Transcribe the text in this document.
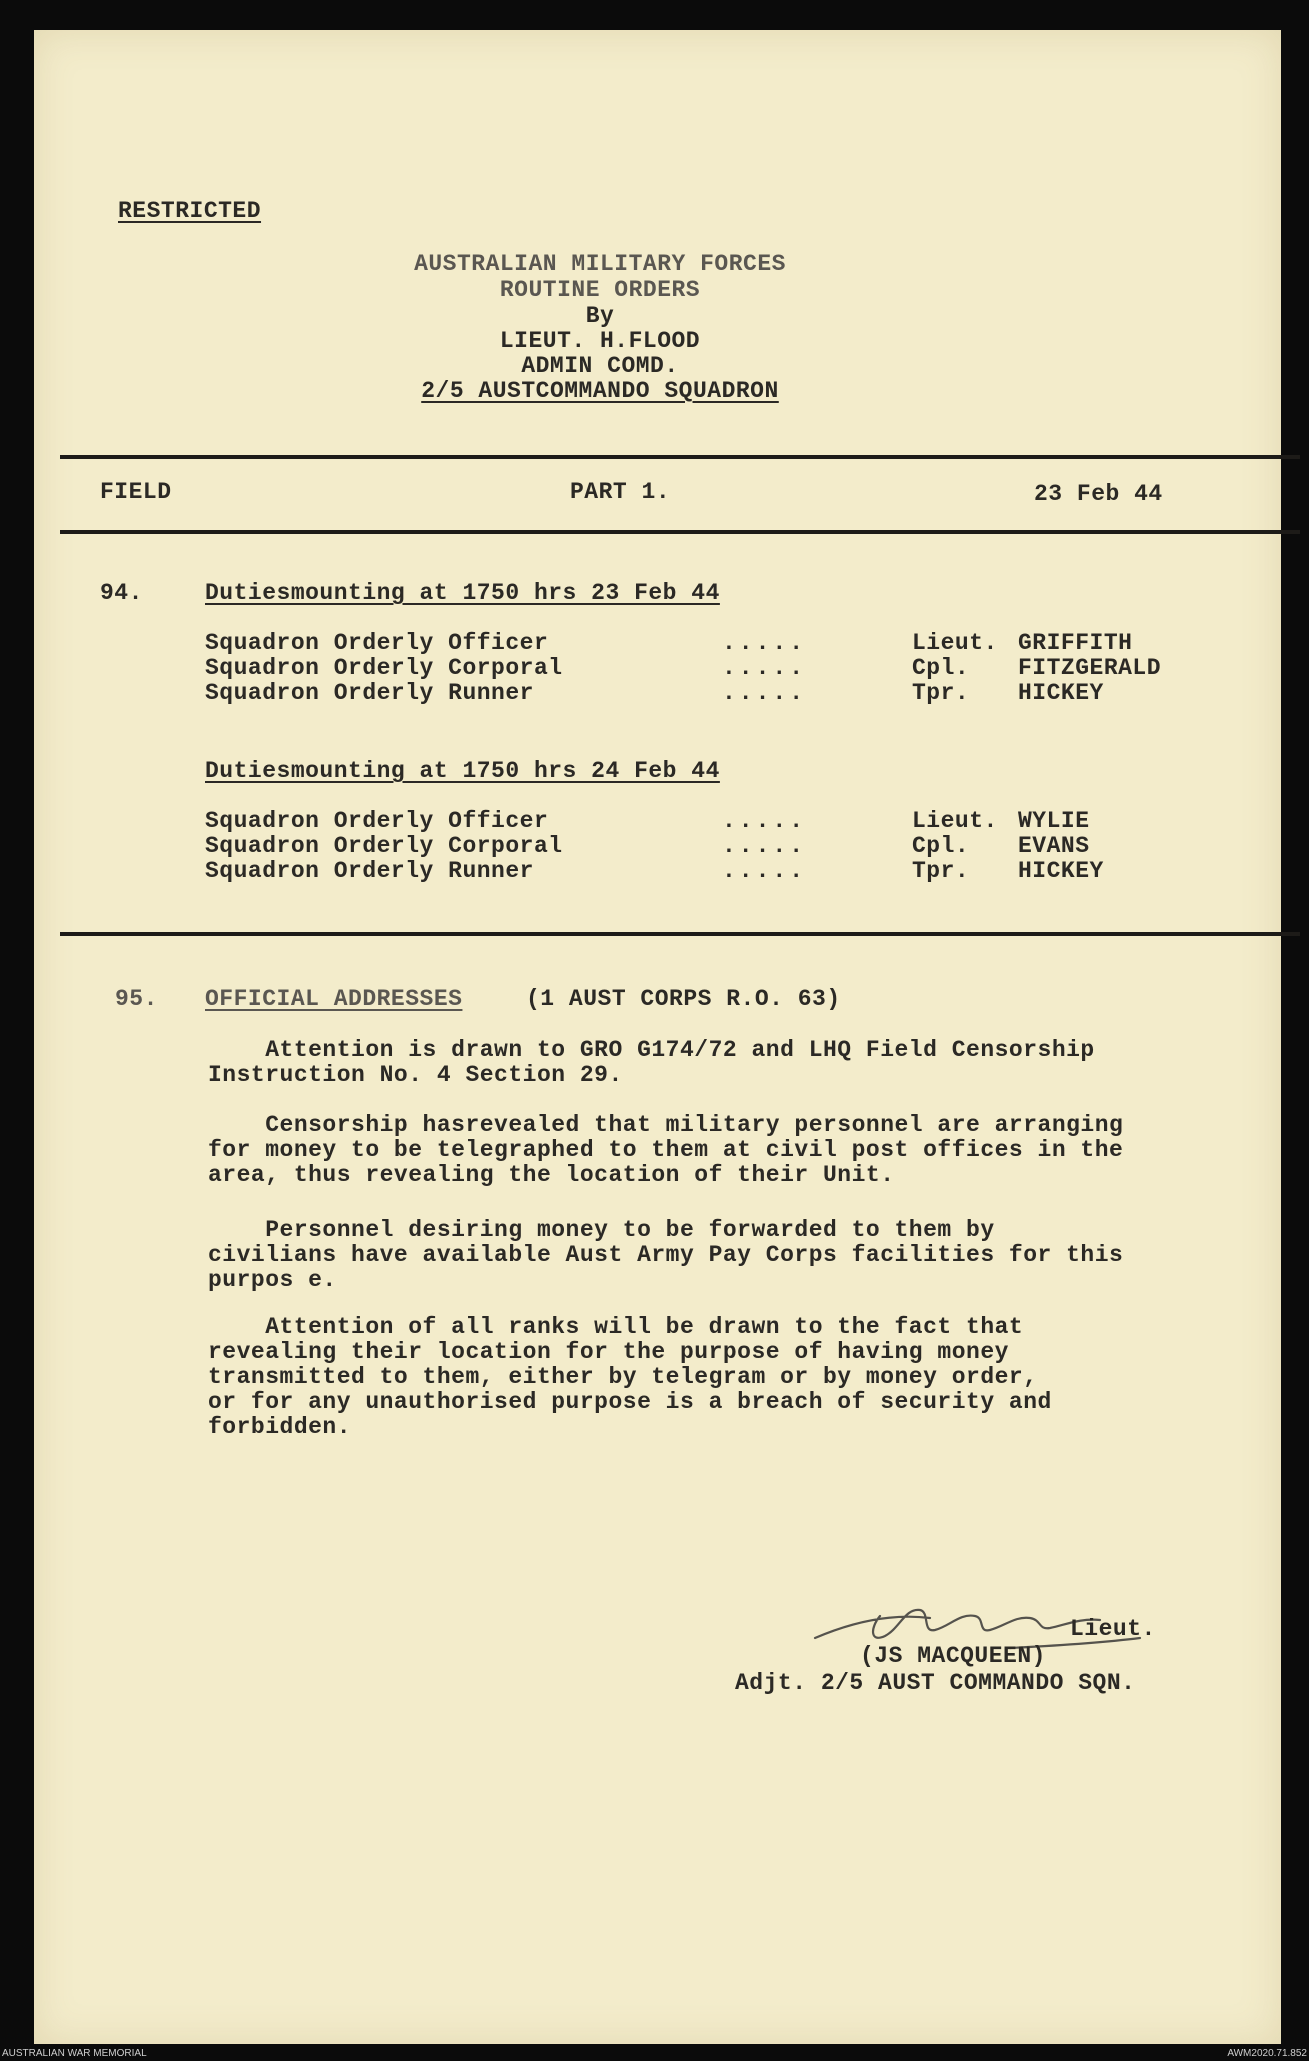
RESTRICTED
AUSTRALIAN MILITARY FORCES
ROUTINE ORDERS
By
LIEUT. H.FLOOD
ADMIN COMD.
2/5 AUSTCOMMANDO SQUADRON
FIELD	PART 1.	23 Feb 44
94.	Dutiesmounting at 1750 hrs 23 Feb 44
Squadron Orderly Officer	.....	Lieut. GRIFFITH
Squadron Orderly Corporal	.....	Cpl. FITZGERALD
Squadron Orderly Runner	.....	Tpr. HICKEY
Dutiesmounting at 1750 hrs 24 Feb 44
Squadron Orderly Officer	.....	Lieut. WYLIE
Squadron Orderly Corporal	.....	Cpl. EVANS
Squadron Orderly Runner	.....	Tpr. HICKEY
95. OFFICIAL ADDRESSES	(1 AUST CORPS R.O. 63)
Attention is drawn to GRO G174/72 and LHQ Field Censorship
Instruction No. 4 Section 29.
Censorship hasrevealed that military personnel are arranging
for money to be telegraphed to them at civil post offices in the
area, thus revealing the location of their Unit.
Personnel desiring money to be forwarded to them by
civilians have available Aust Army Pay Corps facilities for this
purpos e.
Attention of all ranks will be drawn to the fact that
revealing their location for the purpose of having money
transmitted to them, either by telegram or by money order,
or for any unauthorised purpose is a breach of security and
forbidden.
Lieut.
(JS MACQUEEN)
Adjt. 2/5 AUST COMMANDO SQN.
AUSTRALIAN WAR MEMORIAL	AWM2020.71.852
